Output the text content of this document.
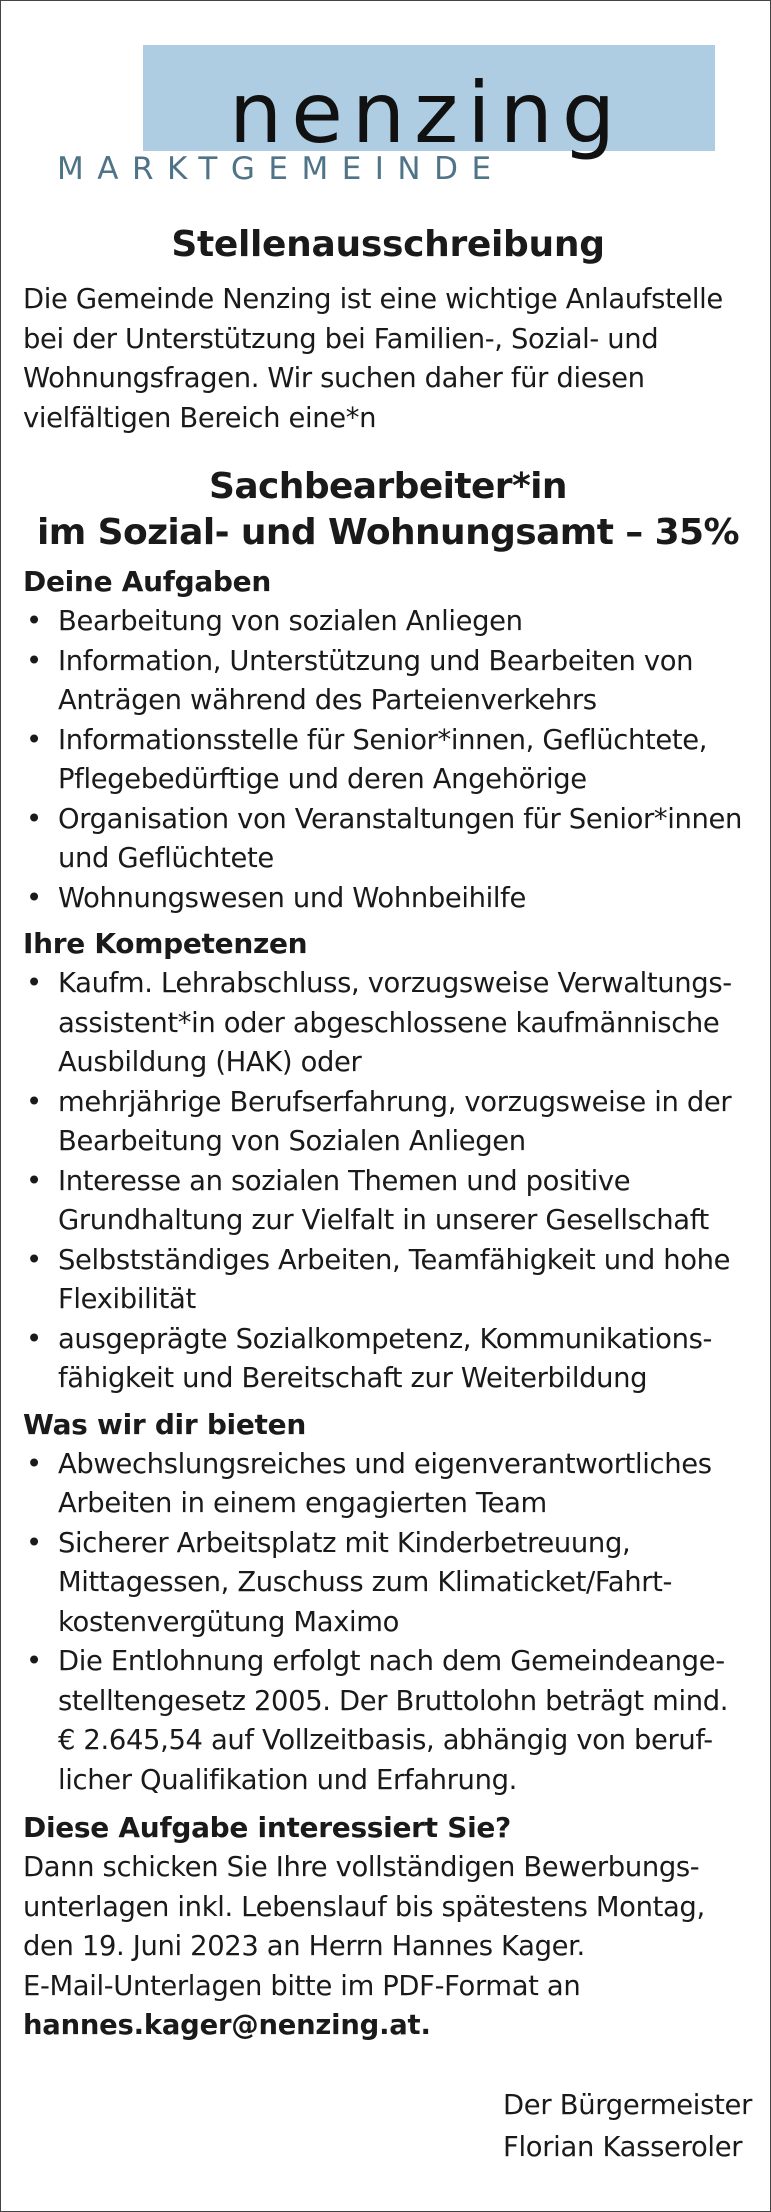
nenzing
MARKTGEMEINDE
Stellenausschreibung

Die Gemeinde Nenzing ist eine wichtige Anlaufstelle bei der Unterstützung bei Familien-, Sozial- und Wohnungsfragen. Wir suchen daher für diesen vielfältigen Bereich eine*n

Sachbearbeiter*in
im Sozial- und Wohnungsamt – 35%
Deine Aufgaben
• Bearbeitung von sozialen Anliegen
• Information, Unterstützung und Bearbeiten von Anträgen während des Parteienverkehrs
• Informationsstelle für Senior*innen, Geflüchtete, Pflegebedürftige und deren Angehörige
• Organisation von Veranstaltungen für Senior*innen und Geflüchtete
• Wohnungswesen und Wohnbeihilfe
Ihre Kompetenzen
• Kaufm. Lehrabschluss, vorzugsweise Verwaltungs-assistent*in oder abgeschlossene kaufmännische Ausbildung (HAK) oder
• mehrjährige Berufserfahrung, vorzugsweise in der Bearbeitung von Sozialen Anliegen
• Interesse an sozialen Themen und positive Grundhaltung zur Vielfalt in unserer Gesellschaft
• Selbstständiges Arbeiten, Teamfähigkeit und hohe Flexibilität
• ausgeprägte Sozialkompetenz, Kommunikations-fähigkeit und Bereitschaft zur Weiterbildung
Was wir dir bieten
• Abwechslungsreiches und eigenverantwortliches Arbeiten in einem engagierten Team
• Sicherer Arbeitsplatz mit Kinderbetreuung, Mittagessen, Zuschuss zum Klimaticket/Fahrt-kostenvergütung Maximo
• Die Entlohnung erfolgt nach dem Gemeindeange-stelltengesetz 2005. Der Bruttolohn beträgt mind. € 2.645,54 auf Vollzeitbasis, abhängig von beruf-licher Qualifikation und Erfahrung.
Diese Aufgabe interessiert Sie?

Dann schicken Sie Ihre vollständigen Bewerbungs-unterlagen inkl. Lebenslauf bis spätestens Montag, den 19. Juni 2023 an Herrn Hannes Kager.

E-Mail-Unterlagen bitte im PDF-Format an

hannes.kager@nenzing.at.
Der Bürgermeister
Florian Kasseroler
